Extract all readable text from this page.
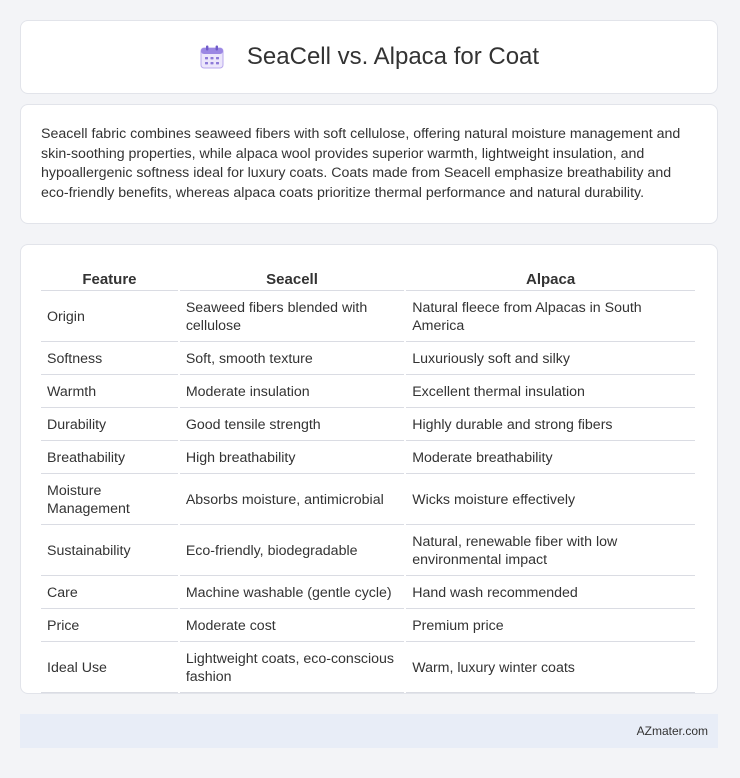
SeaCell vs. Alpaca for Coat

Seacell fabric combines seaweed fibers with soft cellulose, offering natural moisture management and skin-soothing properties, while alpaca wool provides superior warmth, lightweight insulation, and hypoallergenic softness ideal for luxury coats. Coats made from Seacell emphasize breathability and eco-friendly benefits, whereas alpaca coats prioritize thermal performance and natural durability.

Feature	Seacell	Alpaca
Origin	Seaweed fibers blended with cellulose	Natural fleece from Alpacas in South America
Softness	Soft, smooth texture	Luxuriously soft and silky
Warmth	Moderate insulation	Excellent thermal insulation
Durability	Good tensile strength	Highly durable and strong fibers
Breathability	High breathability	Moderate breathability
Moisture Management	Absorbs moisture, antimicrobial	Wicks moisture effectively
Sustainability	Eco-friendly, biodegradable	Natural, renewable fiber with low environmental impact
Care	Machine washable (gentle cycle)	Hand wash recommended
Price	Moderate cost	Premium price
Ideal Use	Lightweight coats, eco-conscious fashion	Warm, luxury winter coats
AZmater.com
